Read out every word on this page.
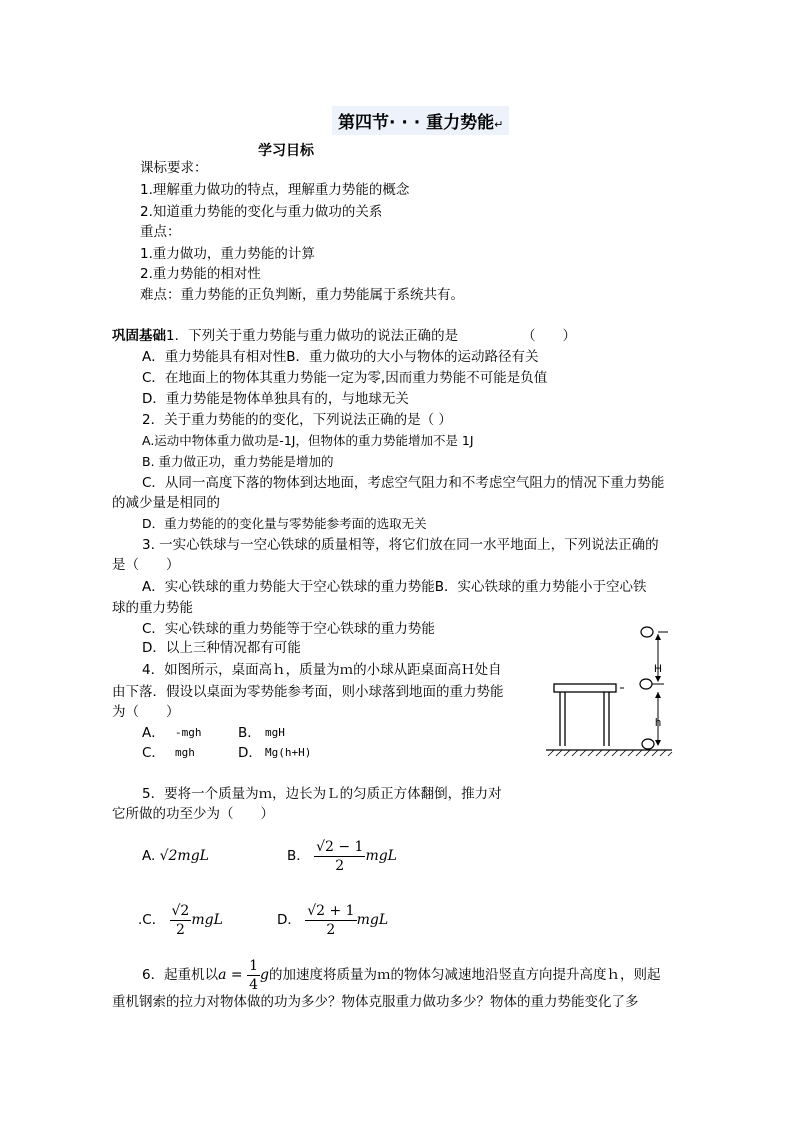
第四节· · · 重力势能↵
学习目标
课标要求：
1.理解重力做功的特点，理解重力势能的概念
2.知道重力势能的变化与重力做功的关系
重点：
1.重力做功，重力势能的计算
2.重力势能的相对性
难点：重力势能的正负判断，重力势能属于系统共有。
巩固基础1．下列关于重力势能与重力做功的说法正确的是	（　　）
A．重力势能具有相对性B．重力做功的大小与物体的运动路径有关
C．在地面上的物体其重力势能一定为零,因而重力势能不可能是负值
D．重力势能是物体单独具有的，与地球无关
2．关于重力势能的的变化，下列说法正确的是（ ）
A.运动中物体重力做功是-1J，但物体的重力势能增加不是 1J
B. 重力做正功，重力势能是增加的
C．从同一高度下落的物体到达地面，考虑空气阻力和不考虑空气阻力的情况下重力势能
的减少量是相同的
D．重力势能的的变化量与零势能参考面的选取无关
3. 一实心铁球与一空心铁球的质量相等，将它们放在同一水平地面上，下列说法正确的
是（　　）
A．实心铁球的重力势能大于空心铁球的重力势能B．实心铁球的重力势能小于空心铁
球的重力势能
C．实心铁球的重力势能等于空心铁球的重力势能
D．以上三种情况都有可能
4．如图所示，桌面高ｈ，质量为ｍ的小球从距桌面高Ｈ处自
由下落．假设以桌面为零势能参考面，则小球落到地面的重力势能
为（　　）
A． -mgh	B． mgH
C． mgh	D． Mg(h+H)
H
h
5．要将一个质量为ｍ，边长为Ｌ的匀质正方体翻倒，推力对
它所做的功至少为（　　）
A. √2mgL	B． $\frac{√2 - 1}{2}$ mgL
.C． $\frac{√2}{2}$ mgL	D． $\frac{√2 + 1}{2}$ mgL
6．起重机以$a = \frac{1}{4}$ g的加速度将质量为ｍ的物体匀减速地沿竖直方向提升高度ｈ，则起
重机钢索的拉力对物体做的功为多少？物体克服重力做功多少？物体的重力势能变化了多
